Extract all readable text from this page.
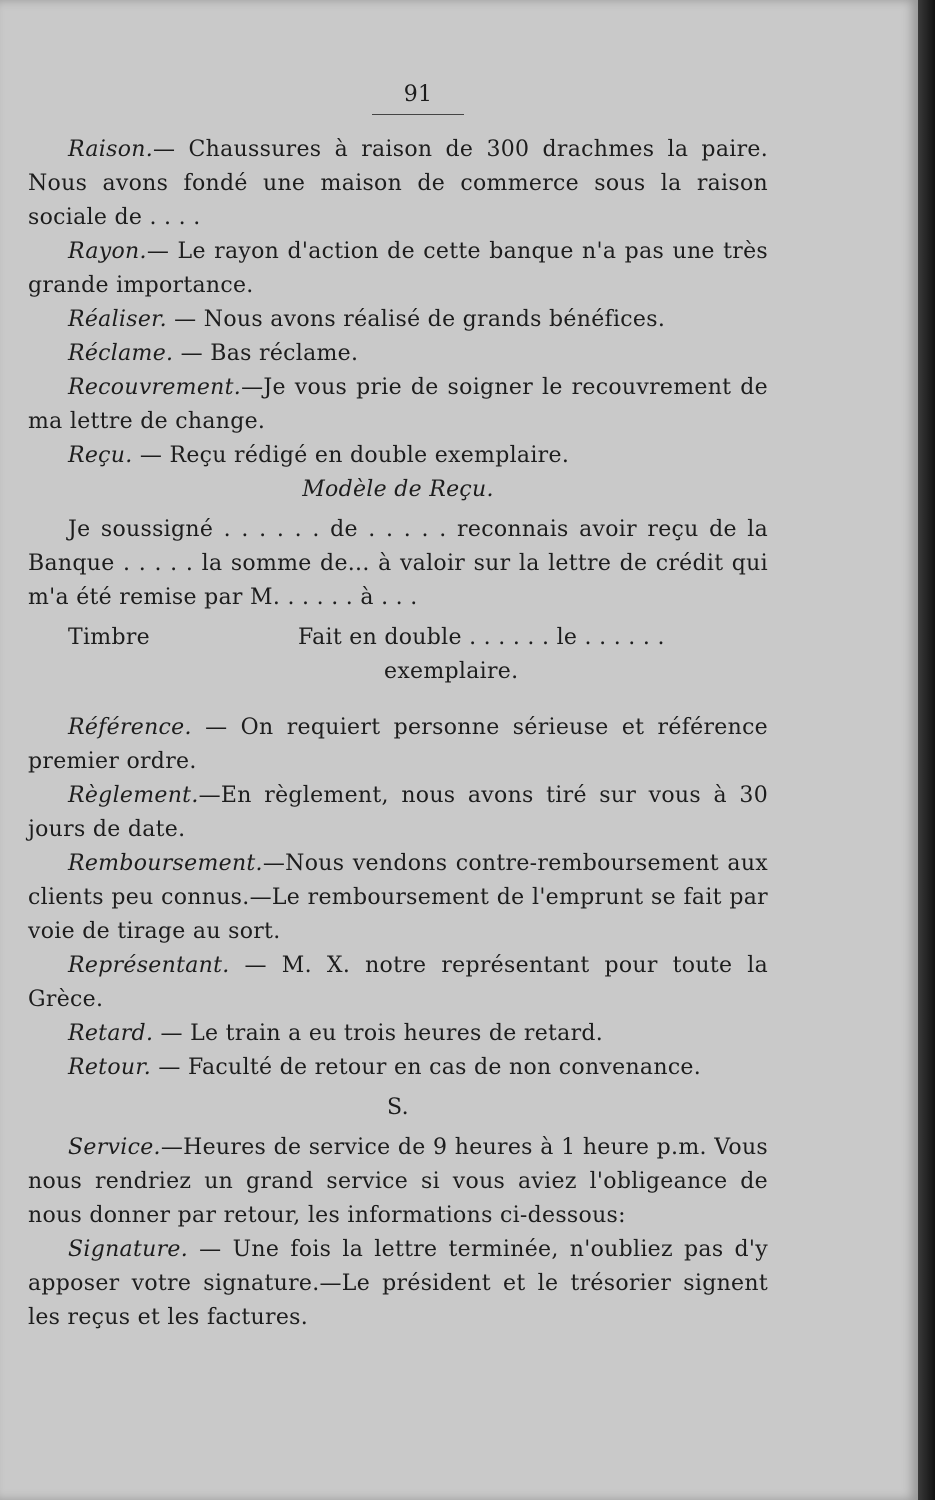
91

Raison.— Chaussures à raison de 300 drachmes la paire. Nous avons fondé une maison de commerce sous la raison sociale de . . . .

Rayon.— Le rayon d'action de cette banque n'a pas une très grande importance.

Réaliser. — Nous avons réalisé de grands bénéfices.

Réclame. — Bas réclame.

Recouvrement.—Je vous prie de soigner le recouvrement de ma lettre de change.

Reçu. — Reçu rédigé en double exemplaire.

Modèle de Reçu.

Je soussigné . . . . . . de . . . . . reconnais avoir reçu de la Banque . . . . . la somme de... à valoir sur la lettre de crédit qui m'a été remise par M. . . . . . à . . .

Timbre	Fait en double . . . . . . le . . . . . .
exemplaire.

Référence. — On requiert personne sérieuse et référence premier ordre.

Règlement.—En règlement, nous avons tiré sur vous à 30 jours de date.

Remboursement.—Nous vendons contre-remboursement aux clients peu connus.—Le remboursement de l'emprunt se fait par voie de tirage au sort.

Représentant. — M. X. notre représentant pour toute la Grèce.

Retard. — Le train a eu trois heures de retard.

Retour. — Faculté de retour en cas de non convenance.

S.

Service.—Heures de service de 9 heures à 1 heure p.m. Vous nous rendriez un grand service si vous aviez l'obligeance de nous donner par retour, les informations ci-dessous:

Signature. — Une fois la lettre terminée, n'oubliez pas d'y apposer votre signature.—Le président et le trésorier signent les reçus et les factures.
